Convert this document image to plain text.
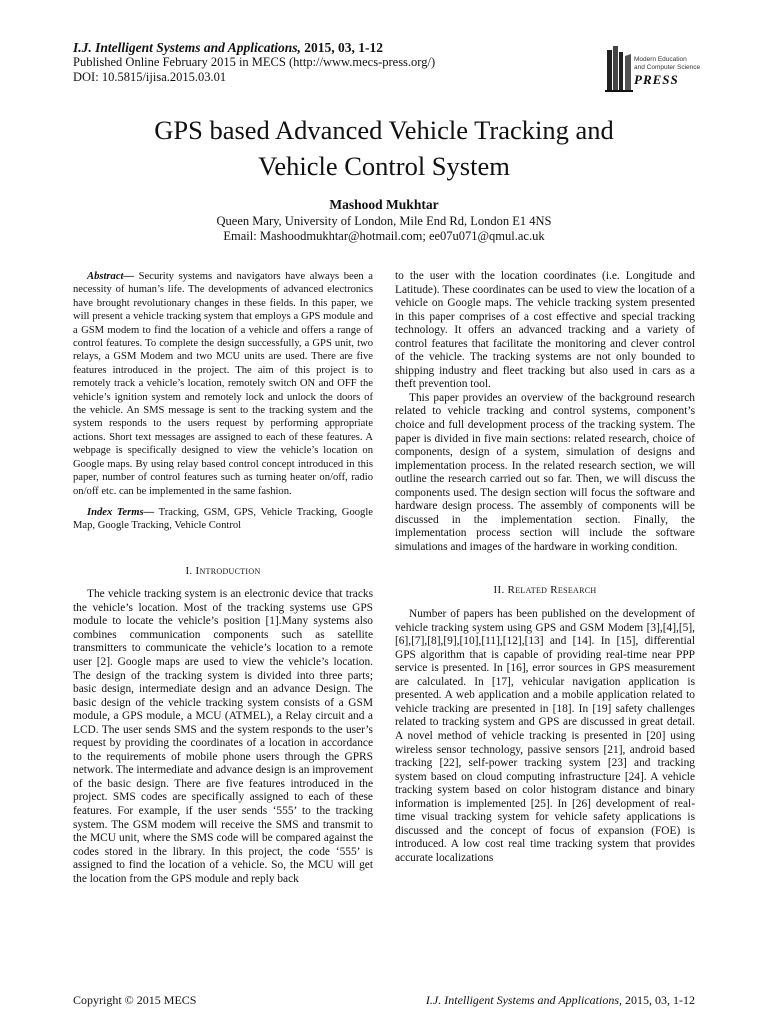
I.J. Intelligent Systems and Applications, 2015, 03, 1-12
Published Online February 2015 in MECS (http://www.mecs-press.org/)
DOI: 10.5815/ijisa.2015.03.01
Modern Education
and Computer Science
PRESS
GPS based Advanced Vehicle Tracking and
Vehicle Control System
Mashood Mukhtar
Queen Mary, University of London, Mile End Rd, London E1 4NS
Email: Mashoodmukhtar@hotmail.com; ee07u071@qmul.ac.uk

Abstract— Security systems and navigators have always been a necessity of human’s life. The developments of advanced electronics have brought revolutionary changes in these fields. In this paper, we will present a vehicle tracking system that employs a GPS module and a GSM modem to find the location of a vehicle and offers a range of control features. To complete the design successfully, a GPS unit, two relays, a GSM Modem and two MCU units are used. There are five features introduced in the project. The aim of this project is to remotely track a vehicle’s location, remotely switch ON and OFF the vehicle’s ignition system and remotely lock and unlock the doors of the vehicle. An SMS message is sent to the tracking system and the system responds to the users request by performing appropriate actions. Short text messages are assigned to each of these features. A webpage is specifically designed to view the vehicle’s location on Google maps. By using relay based control concept introduced in this paper, number of control features such as turning heater on/off, radio on/off etc. can be implemented in the same fashion.

Index Terms— Tracking, GSM, GPS, Vehicle Tracking, Google Map, Google Tracking, Vehicle Control

I. Introduction

The vehicle tracking system is an electronic device that tracks the vehicle’s location. Most of the tracking systems use GPS module to locate the vehicle’s position [1].Many systems also combines communication components such as satellite transmitters to communicate the vehicle’s location to a remote user [2]. Google maps are used to view the vehicle’s location. The design of the tracking system is divided into three parts; basic design, intermediate design and an advance Design. The basic design of the vehicle tracking system consists of a GSM module, a GPS module, a MCU (ATMEL), a Relay circuit and a LCD. The user sends SMS and the system responds to the user’s request by providing the coordinates of a location in accordance to the requirements of mobile phone users through the GPRS network. The intermediate and advance design is an improvement of the basic design. There are five features introduced in the project. SMS codes are specifically assigned to each of these features. For example, if the user sends ‘555’ to the tracking system. The GSM modem will receive the SMS and transmit to the MCU unit, where the SMS code will be compared against the codes stored in the library. In this project, the code ‘555’ is assigned to find the location of a vehicle. So, the MCU will get the location from the GPS module and reply back

to the user with the location coordinates (i.e. Longitude and Latitude). These coordinates can be used to view the location of a vehicle on Google maps. The vehicle tracking system presented in this paper comprises of a cost effective and special tracking technology. It offers an advanced tracking and a variety of control features that facilitate the monitoring and clever control of the vehicle. The tracking systems are not only bounded to shipping industry and fleet tracking but also used in cars as a theft prevention tool.

This paper provides an overview of the background research related to vehicle tracking and control systems, component’s choice and full development process of the tracking system. The paper is divided in five main sections: related research, choice of components, design of a system, simulation of designs and implementation process. In the related research section, we will outline the research carried out so far. Then, we will discuss the components used. The design section will focus the software and hardware design process. The assembly of components will be discussed in the implementation section. Finally, the implementation process section will include the software simulations and images of the hardware in working condition.

II. Related Research

Number of papers has been published on the development of vehicle tracking system using GPS and GSM Modem [3],[4],[5],[6],[7],[8],[9],[10],[11],[12],[13] and [14]. In [15], differential GPS algorithm that is capable of providing real-time near PPP service is presented. In [16], error sources in GPS measurement are calculated. In [17], vehicular navigation application is presented. A web application and a mobile application related to vehicle tracking are presented in [18]. In [19] safety challenges related to tracking system and GPS are discussed in great detail. A novel method of vehicle tracking is presented in [20] using wireless sensor technology, passive sensors [21], android based tracking [22], self-power tracking system [23] and tracking system based on cloud computing infrastructure [24]. A vehicle tracking system based on color histogram distance and binary information is implemented [25]. In [26] development of real-time visual tracking system for vehicle safety applications is discussed and the concept of focus of expansion (FOE) is introduced. A low cost real time tracking system that provides accurate localizations

Copyright © 2015 MECS	I.J. Intelligent Systems and Applications, 2015, 03, 1-12
